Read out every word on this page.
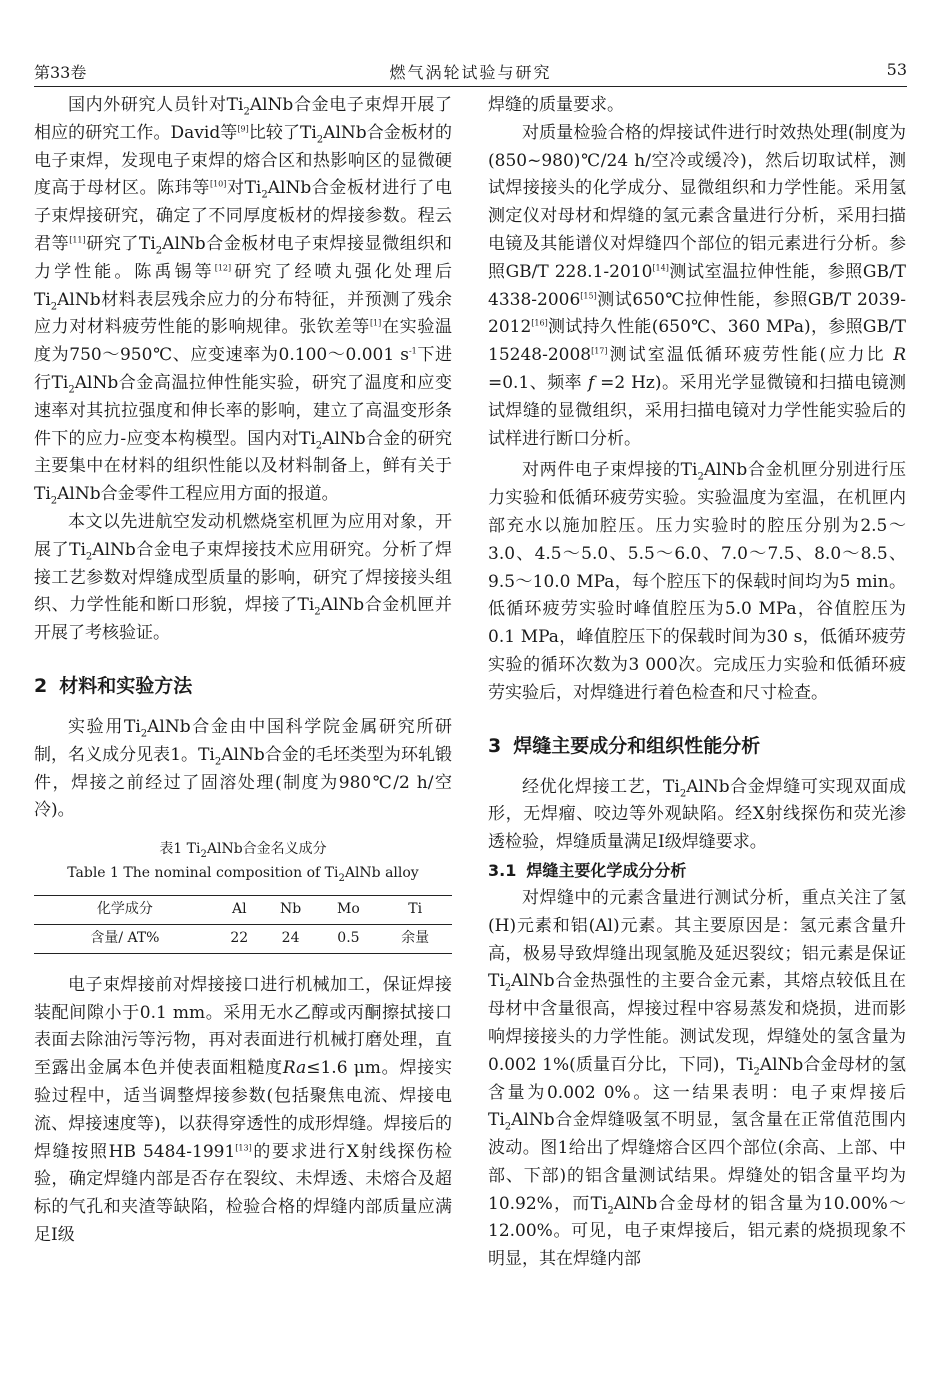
第33卷	燃气涡轮试验与研究	53

国内外研究人员针对$Ti_2AlNb$合金电子束焊开展了相应的研究工作。David等[9]比较了$Ti_2AlNb$合金板材的电子束焊，发现电子束焊的熔合区和热影响区的显微硬度高于母材区。陈玮等[10]对$Ti_2AlNb$合金板材进行了电子束焊接研究，确定了不同厚度板材的焊接参数。程云君等[11]研究了$Ti_2AlNb$合金板材电子束焊接显微组织和力学性能。陈禹锡等[12]研究了经喷丸强化处理后$Ti_2AlNb$材料表层残余应力的分布特征，并预测了残余应力对材料疲劳性能的影响规律。张钦差等[1]在实验温度为750～950℃、应变速率为0.100～0.001 $s^{-1}$下进行$Ti_2AlNb$合金高温拉伸性能实验，研究了温度和应变速率对其抗拉强度和伸长率的影响，建立了高温变形条件下的应力-应变本构模型。国内对$Ti_2AlNb$合金的研究主要集中在材料的组织性能以及材料制备上，鲜有关于$Ti_2AlNb$合金零件工程应用方面的报道。

本文以先进航空发动机燃烧室机匣为应用对象，开展了$Ti_2AlNb$合金电子束焊接技术应用研究。分析了焊接工艺参数对焊缝成型质量的影响，研究了焊接接头组织、力学性能和断口形貌，焊接了$Ti_2AlNb$合金机匣并开展了考核验证。

2 材料和实验方法

实验用$Ti_2AlNb$合金由中国科学院金属研究所研制，名义成分见表1。$Ti_2AlNb$合金的毛坯类型为环轧锻件，焊接之前经过了固溶处理(制度为980℃/2 h/空冷)。

表1 $Ti_2AlNb$合金名义成分
Table 1 The nominal composition of $Ti_2AlNb$ alloy
化学成分	Al	Nb	Mo	Ti
含量/ AT%	22	24	0.5	余量

电子束焊接前对焊接接口进行机械加工，保证焊接装配间隙小于0.1 mm。采用无水乙醇或丙酮擦拭接口表面去除油污等污物，再对表面进行机械打磨处理，直至露出金属本色并使表面粗糙度Ra≤1.6 μm。焊接实验过程中，适当调整焊接参数(包括聚焦电流、焊接电流、焊接速度等)，以获得穿透性的成形焊缝。焊接后的焊缝按照HB 5484-1991[13]的要求进行X射线探伤检验，确定焊缝内部是否存在裂纹、未焊透、未熔合及超标的气孔和夹渣等缺陷，检验合格的焊缝内部质量应满足Ⅰ级

焊缝的质量要求。

对质量检验合格的焊接试件进行时效热处理(制度为(850~980)℃/24 h/空冷或缓冷)，然后切取试样，测试焊接接头的化学成分、显微组织和力学性能。采用氢测定仪对母材和焊缝的氢元素含量进行分析，采用扫描电镜及其能谱仪对焊缝四个部位的铝元素进行分析。参照GB/T 228.1-2010[14]测试室温拉伸性能，参照GB/T 4338-2006[15]测试650℃拉伸性能，参照GB/T 2039-2012[16]测试持久性能(650℃、360 MPa)，参照GB/T 15248-2008[17]测试室温低循环疲劳性能(应力比 R =0.1、频率 f =2 Hz)。采用光学显微镜和扫描电镜测试焊缝的显微组织，采用扫描电镜对力学性能实验后的试样进行断口分析。

对两件电子束焊接的$Ti_2AlNb$合金机匣分别进行压力实验和低循环疲劳实验。实验温度为室温，在机匣内部充水以施加腔压。压力实验时的腔压分别为2.5～3.0、4.5～5.0、5.5～6.0、7.0～7.5、8.0～8.5、9.5～10.0 MPa，每个腔压下的保载时间均为5 min。低循环疲劳实验时峰值腔压为5.0 MPa，谷值腔压为0.1 MPa，峰值腔压下的保载时间为30 s，低循环疲劳实验的循环次数为3 000次。完成压力实验和低循环疲劳实验后，对焊缝进行着色检查和尺寸检查。

3 焊缝主要成分和组织性能分析

经优化焊接工艺，$Ti_2AlNb$合金焊缝可实现双面成形，无焊瘤、咬边等外观缺陷。经X射线探伤和荧光渗透检验，焊缝质量满足Ⅰ级焊缝要求。

3.1 焊缝主要化学成分分析

对焊缝中的元素含量进行测试分析，重点关注了氢(H)元素和铝(Al)元素。其主要原因是：氢元素含量升高，极易导致焊缝出现氢脆及延迟裂纹；铝元素是保证$Ti_2AlNb$合金热强性的主要合金元素，其熔点较低且在母材中含量很高，焊接过程中容易蒸发和烧损，进而影响焊接接头的力学性能。测试发现，焊缝处的氢含量为0.002 1%(质量百分比，下同)，$Ti_2AlNb$合金母材的氢含量为0.002 0%。这一结果表明：电子束焊接后$Ti_2AlNb$合金焊缝吸氢不明显，氢含量在正常值范围内波动。图1给出了焊缝熔合区四个部位(余高、上部、中部、下部)的铝含量测试结果。焊缝处的铝含量平均为10.92%，而$Ti_2AlNb$合金母材的铝含量为10.00%～12.00%。可见，电子束焊接后，铝元素的烧损现象不明显，其在焊缝内部
